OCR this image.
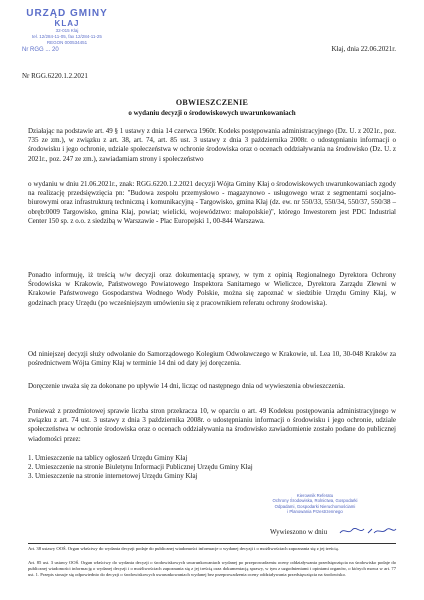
URZĄD GMINY
KLAJ
32-015 Klaj
tel. 12/284-11-05, fax 12/284-11-25
REGON 000534451
Nr RGG ... 20	Kłaj, dnia 22.06.2021r.
Nr RGG.6220.1.2.2021
OBWIESZCZENIE
o wydaniu decyzji o środowiskowych uwarunkowaniach
Działając na podstawie art. 49 § 1 ustawy z dnia 14 czerwca 1960r. Kodeks postępowania administracyjnego (Dz. U. z 2021r., poz. 735 ze zm.), w związku z art. 38, art. 74, art. 85 ust. 3 ustawy z dnia 3 października 2008r. o udostępnianiu informacji o środowisku i jego ochronie, udziale społeczeństwa w ochronie środowiska oraz o ocenach oddziaływania na środowisko (Dz. U. z 2021r., poz. 247 ze zm.), zawiadamiam strony i społeczeństwo
o wydaniu w dniu 21.06.2021r., znak: RGG.6220.1.2.2021 decyzji Wójta Gminy Kłaj o środowiskowych uwarunkowaniach zgody na realizację przedsięwzięcia pn: "Budowa zespołu przemysłowo - magazynowo - usługowego wraz z segmentami socjalno-biurowymi oraz infrastrukturą techniczną i komunikacyjną - Targowisko, gmina Kłaj (dz. ew. nr 550/33, 550/34, 550/37, 550/38 – obręb:0009 Targowisko, gmina Kłaj, powiat; wielicki, województwo: małopolskie)", którego Inwestorem jest PDC Industrial Center 150 sp. z o.o. z siedzibą w Warszawie - Plac Europejski 1, 00-844 Warszawa.
Ponadto informuję, iż treścią w/w decyzji oraz dokumentacją sprawy, w tym z opinią Regionalnego Dyrektora Ochrony Środowiska w Krakowie, Państwowego Powiatowego Inspektora Sanitarnego w Wieliczce, Dyrektora Zarządu Zlewni w Krakowie Państwowego Gospodarstwa Wodnego Wody Polskie, można się zapoznać w siedzibie Urzędu Gminy Kłaj, w godzinach pracy Urzędu (po wcześniejszym umówieniu się z pracownikiem referatu ochrony środowiska).
Od niniejszej decyzji służy odwołanie do Samorządowego Kolegium Odwoławczego w Krakowie, ul. Lea 10, 30-048 Kraków za pośrednictwem Wójta Gminy Kłaj w terminie 14 dni od daty jej doręczenia.
Doręczenie uważa się za dokonane po upływie 14 dni, licząc od następnego dnia od wywieszenia obwieszczenia.
Ponieważ z przedmiotowej sprawie liczba stron przekracza 10, w oparciu o art. 49 Kodeksu postępowania administracyjnego w związku z art. 74 ust. 3 ustawy z dnia 3 października 2008r. o udostępnianiu informacji o środowisku i jego ochronie, udziale społeczeństwa w ochronie środowiska oraz o ocenach oddziaływania na środowisko zawiadomienie zostało podane do publicznej wiadomości przez:
1. Umieszczenie na tablicy ogłoszeń Urzędu Gminy Kłaj
2. Umieszczenie na stronie Biuletynu Informacji Publicznej Urzędu Gminy Kłaj
3. Umieszczenie na stronie internetowej Urzędu Gminy Kłaj
Kierownik Referatu
Ochrony Środowiska, Rolnictwa, Gospodarki
Odpadami, Gospodarki Nieruchomościami
i Planowania Przestrzennego
Wywieszono w dniu
Art. 38 ustawy OOŚ. Organ właściwy do wydania decyzji podaje do publicznej wiadomości informacje o wydanej decyzji i o możliwościach zapoznania się z jej treścią.
Art. 85 ust. 3 ustawy OOŚ. Organ właściwy do wydania decyzji o środowiskowych uwarunkowaniach wydanej po przeprowadzeniu oceny oddziaływania przedsięwzięcia na środowisko podaje do publicznej wiadomości informację o wydanej decyzji i o możliwościach zapoznania się z jej treścią oraz dokumentacją sprawy, w tym z uzgodnieniami i opiniami organów, o których mowa w art. 77 ust. 1. Przepis stosuje się odpowiednio do decyzji o środowiskowych uwarunkowaniach wydanej bez przeprowadzenia oceny oddziaływania przedsięwzięcia na środowisko.
